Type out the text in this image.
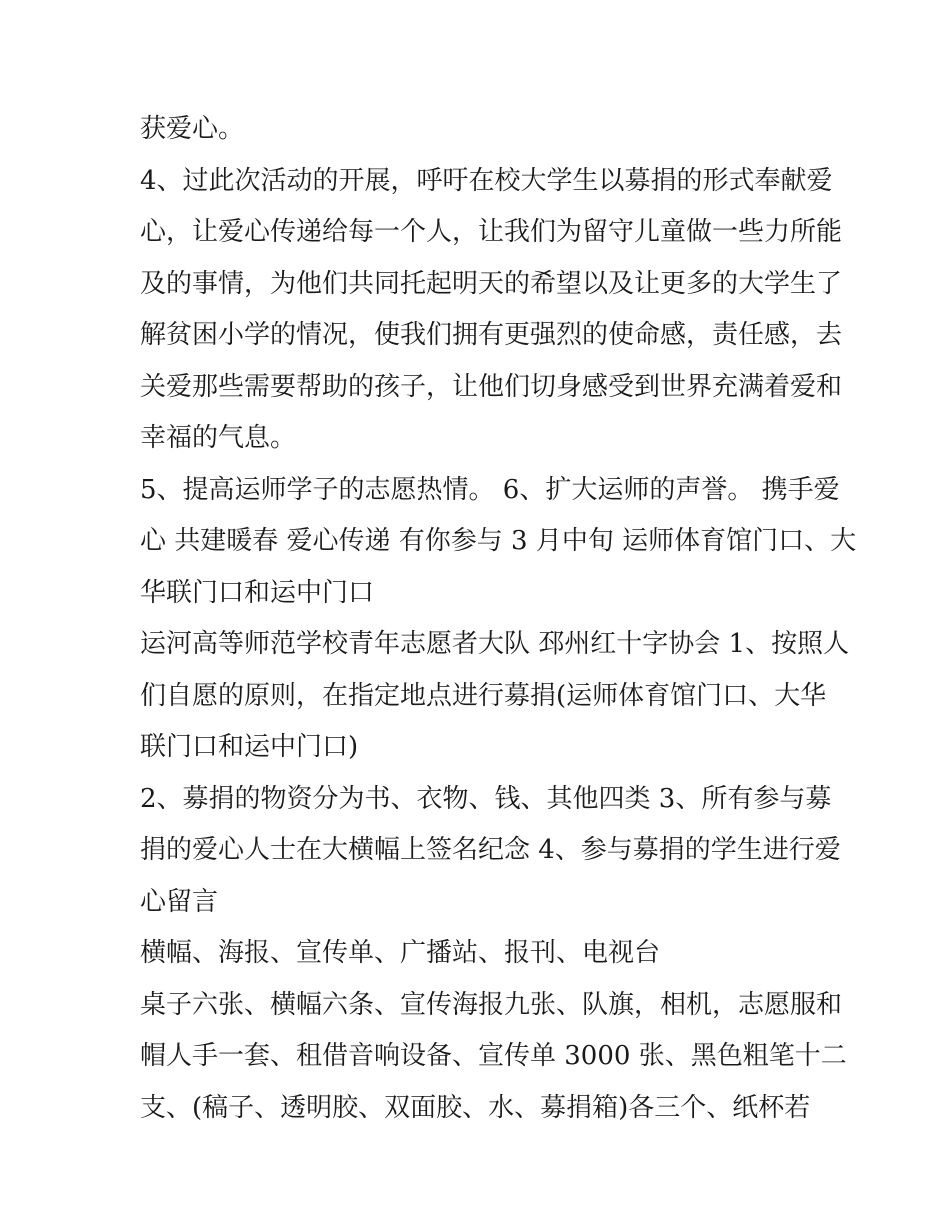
获爱心。
4、过此次活动的开展，呼吁在校大学生以募捐的形式奉献爱
心，让爱心传递给每一个人，让我们为留守儿童做一些力所能
及的事情，为他们共同托起明天的希望以及让更多的大学生了
解贫困小学的情况，使我们拥有更强烈的使命感，责任感，去
关爱那些需要帮助的孩子，让他们切身感受到世界充满着爱和
幸福的气息。
5、提高运师学子的志愿热情。 6、扩大运师的声誉。 携手爱
心 共建暖春 爱心传递 有你参与 3 月中旬 运师体育馆门口、大
华联门口和运中门口
运河高等师范学校青年志愿者大队 邳州红十字协会 1、按照人
们自愿的原则，在指定地点进行募捐(运师体育馆门口、大华
联门口和运中门口)
2、募捐的物资分为书、衣物、钱、其他四类 3、所有参与募
捐的爱心人士在大横幅上签名纪念 4、参与募捐的学生进行爱
心留言
横幅、海报、宣传单、广播站、报刊、电视台
桌子六张、横幅六条、宣传海报九张、队旗，相机，志愿服和
帽人手一套、租借音响设备、宣传单 3000 张、黑色粗笔十二
支、(稿子、透明胶、双面胶、水、募捐箱)各三个、纸杯若
